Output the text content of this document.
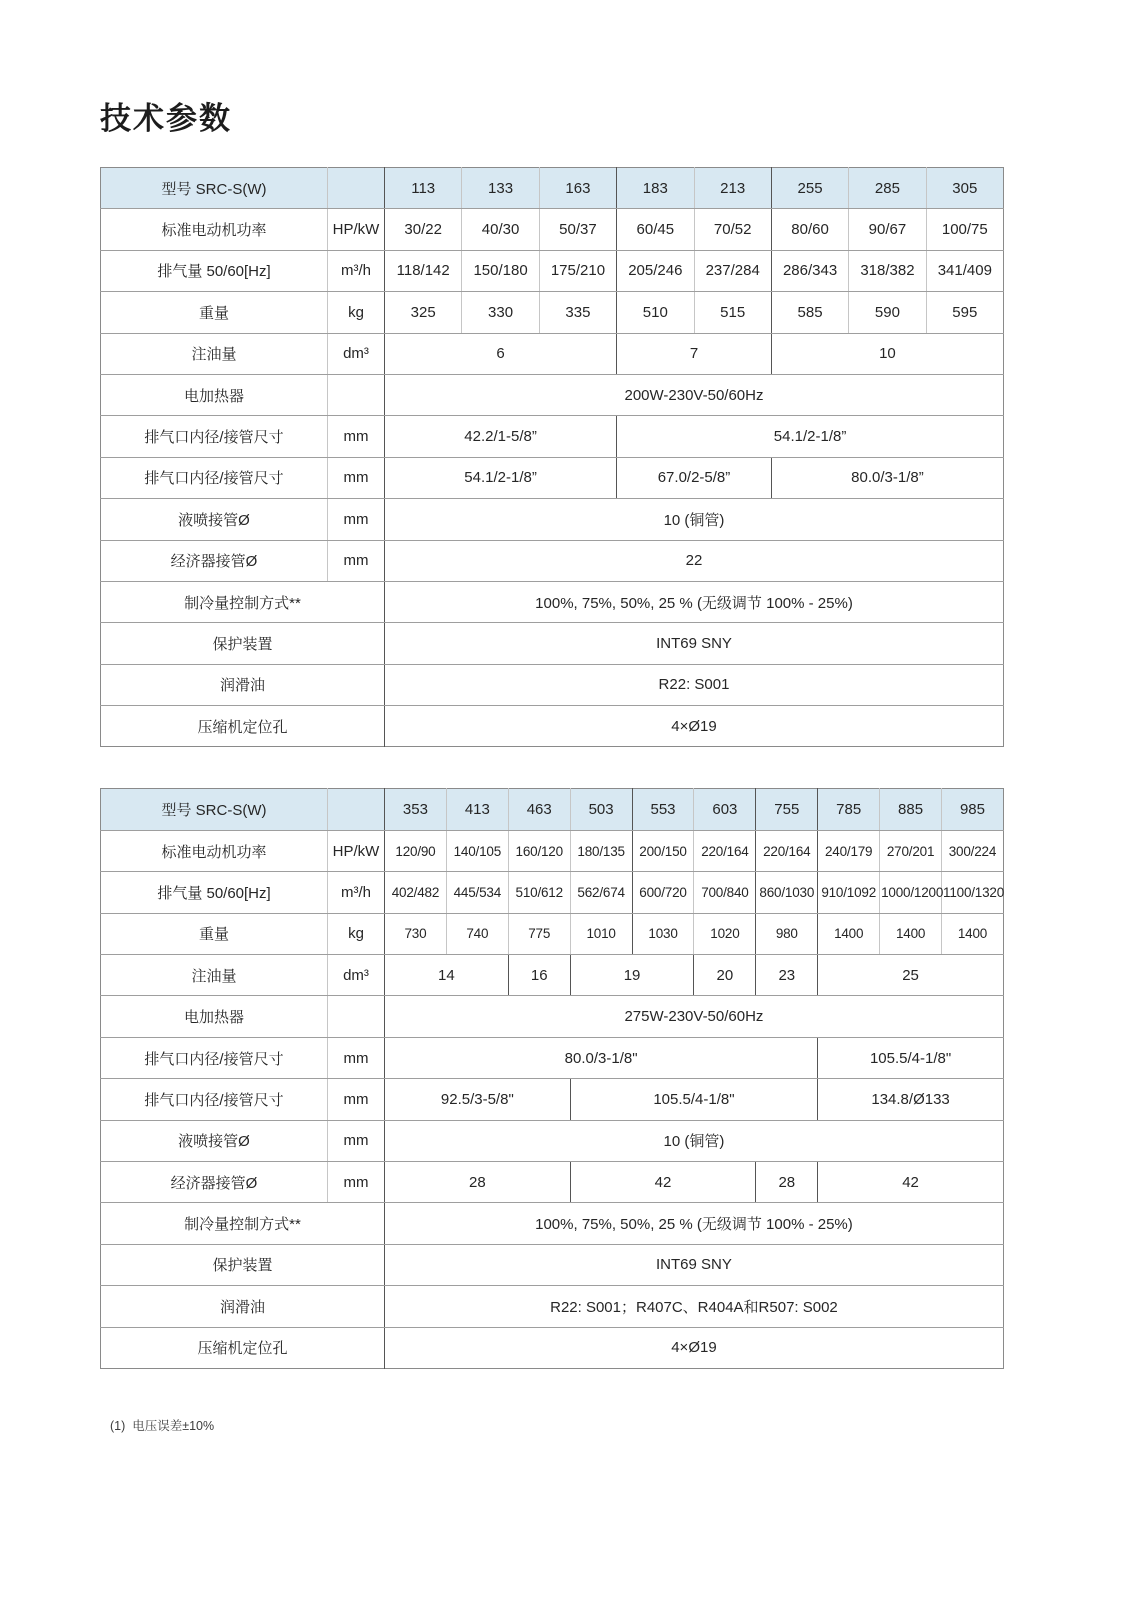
技术参数
型号 SRC-S(W)		113	133	163	183	213	255	285	305
标准电动机功率	HP/kW	30/22	40/30	50/37	60/45	70/52	80/60	90/67	100/75
排气量 50/60[Hz]	m³/h	118/142	150/180	175/210	205/246	237/284	286/343	318/382	341/409
重量	kg	325	330	335	510	515	585	590	595
注油量	dm³	6			7		10		
电加热器		200W-230V-50/60Hz							
排气口内径/接管尺寸	mm	42.2/1-5/8”			54.1/2-1/8”				
排气口内径/接管尺寸	mm	54.1/2-1/8”			67.0/2-5/8”		80.0/3-1/8”		
液喷接管Ø	mm	10 (铜管)							
经济器接管Ø	mm	22							
制冷量控制方式**		100%, 75%, 50%, 25 % (无级调节 100% - 25%)							
保护装置		INT69 SNY							
润滑油		R22: S001							
压缩机定位孔		4×Ø19							
型号 SRC-S(W)		353	413	463	503	553	603	755	785	885	985
标准电动机功率	HP/kW	120/90	140/105	160/120	180/135	200/150	220/164	220/164	240/179	270/201	300/224
排气量 50/60[Hz]	m³/h	402/482	445/534	510/612	562/674	600/720	700/840	860/1030	910/1092	1000/1200	1100/1320
重量	kg	730	740	775	1010	1030	1020	980	1400	1400	1400
注油量	dm³	14		16	19		20	23	25		
电加热器		275W-230V-50/60Hz									
排气口内径/接管尺寸	mm	80.0/3-1/8"							105.5/4-1/8"		
排气口内径/接管尺寸	mm	92.5/3-5/8"			105.5/4-1/8"				134.8/Ø133		
液喷接管Ø	mm	10 (铜管)									
经济器接管Ø	mm	28			42			28	42		
制冷量控制方式**		100%, 75%, 50%, 25 % (无级调节 100% - 25%)									
保护装置		INT69 SNY									
润滑油		R22: S001；R407C、R404A和R507: S002									
压缩机定位孔		4×Ø19									
(1)  电压误差±10%
